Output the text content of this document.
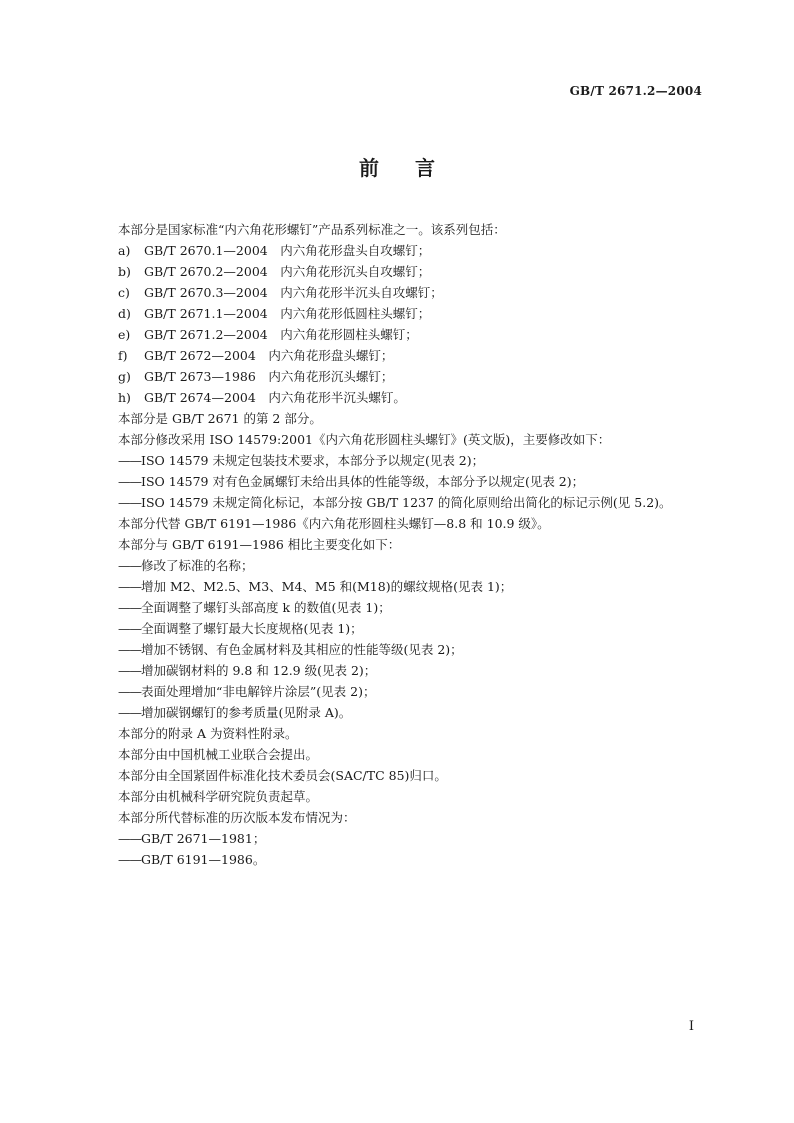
GB/T 2671.2—2004
前言
本部分是国家标准“内六角花形螺钉”产品系列标准之一。该系列包括：
a) GB/T 2670.1—2004　内六角花形盘头自攻螺钉；
b) GB/T 2670.2—2004　内六角花形沉头自攻螺钉；
c) GB/T 2670.3—2004　内六角花形半沉头自攻螺钉；
d) GB/T 2671.1—2004　内六角花形低圆柱头螺钉；
e) GB/T 2671.2—2004　内六角花形圆柱头螺钉；
f) GB/T 2672—2004　内六角花形盘头螺钉；
g) GB/T 2673—1986　内六角花形沉头螺钉；
h) GB/T 2674—2004　内六角花形半沉头螺钉。
本部分是 GB/T 2671 的第 2 部分。
本部分修改采用 ISO 14579:2001《内六角花形圆柱头螺钉》(英文版)，主要修改如下：
——ISO 14579 未规定包装技术要求，本部分予以规定(见表 2)；
——ISO 14579 对有色金属螺钉未给出具体的性能等级，本部分予以规定(见表 2)；
——ISO 14579 未规定简化标记，本部分按 GB/T 1237 的简化原则给出简化的标记示例(见 5.2)。
本部分代替 GB/T 6191—1986《内六角花形圆柱头螺钉—8.8 和 10.9 级》。
本部分与 GB/T 6191—1986 相比主要变化如下：
——修改了标准的名称；
——增加 M2、M2.5、M3、M4、M5 和(M18)的螺纹规格(见表 1)；
——全面调整了螺钉头部高度 k 的数值(见表 1)；
——全面调整了螺钉最大长度规格(见表 1)；
——增加不锈钢、有色金属材料及其相应的性能等级(见表 2)；
——增加碳钢材料的 9.8 和 12.9 级(见表 2)；
——表面处理增加“非电解锌片涂层”(见表 2)；
——增加碳钢螺钉的参考质量(见附录 A)。
本部分的附录 A 为资料性附录。
本部分由中国机械工业联合会提出。
本部分由全国紧固件标准化技术委员会(SAC/TC 85)归口。
本部分由机械科学研究院负责起草。
本部分所代替标准的历次版本发布情况为：
——GB/T 2671—1981；
——GB/T 6191—1986。
I
